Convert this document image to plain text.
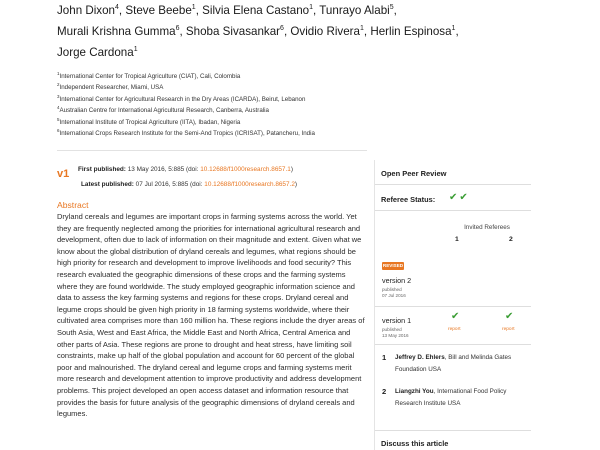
John Dixon$^4$, Steve Beebe$^1$, Silvia Elena Castano$^1$, Tunrayo Alabi$^5$,
Murali Krishna Gumma$^6$, Shoba Sivasankar$^6$, Ovidio Rivera$^1$, Herlin Espinosa$^1$,
Jorge Cardona$^1$
$^1$International Center for Tropical Agriculture (CIAT), Cali, Colombia
$^2$Independent Researcher, Miami, USA
$^3$International Center for Agricultural Research in the Dry Areas (ICARDA), Beirut, Lebanon
$^4$Australian Centre for International Agricultural Research, Canberra, Australia
$^5$International Institute of Tropical Agriculture (IITA), Ibadan, Nigeria
$^6$International Crops Research Institute for the Semi-And Tropics (ICRISAT), Patancheru, India
v1 First published: 13 May 2016, 5:885 (doi: 10.12688/f1000research.8657.1)
Latest published: 07 Jul 2016, 5:885 (doi: 10.12688/f1000research.8657.2)
Abstract
Dryland cereals and legumes are important crops in farming systems across the world. Yet they are frequently neglected among the priorities for international agricultural research and development, often due to lack of information on their magnitude and extent. Given what we know about the global distribution of dryland cereals and legumes, what regions should be high priority for research and development to improve livelihoods and food security? This research evaluated the geographic dimensions of these crops and the farming systems where they are found worldwide. The study employed geographic information science and data to assess the key farming systems and regions for these crops. Dryland cereal and legume crops should be given high priority in 18 farming systems worldwide, where their cultivated area comprises more than 160 million ha. These regions include the dryer areas of South Asia, West and East Africa, the Middle East and North Africa, Central America and other parts of Asia. These regions are prone to drought and heat stress, have limiting soil constraints, make up half of the global population and account for 60 percent of the global poor and malnourished. The dryland cereal and legume crops and farming systems merit more research and development attention to improve productivity and address development problems. This project developed an open access dataset and information resource that provides the basis for future analysis of the geographic dimensions of dryland cereals and legumes.
Open Peer Review
Referee Status: ✔✔
Invited Referees
1	2
REVISED
version 2
published
07 Jul 2016
version 1
published
13 May 2016
✔	✔
report	report
1 Jeffrey D. Ehlers, Bill and Melinda Gates Foundation USA
2 Liangzhi You, International Food Policy Research Institute USA
Discuss this article
